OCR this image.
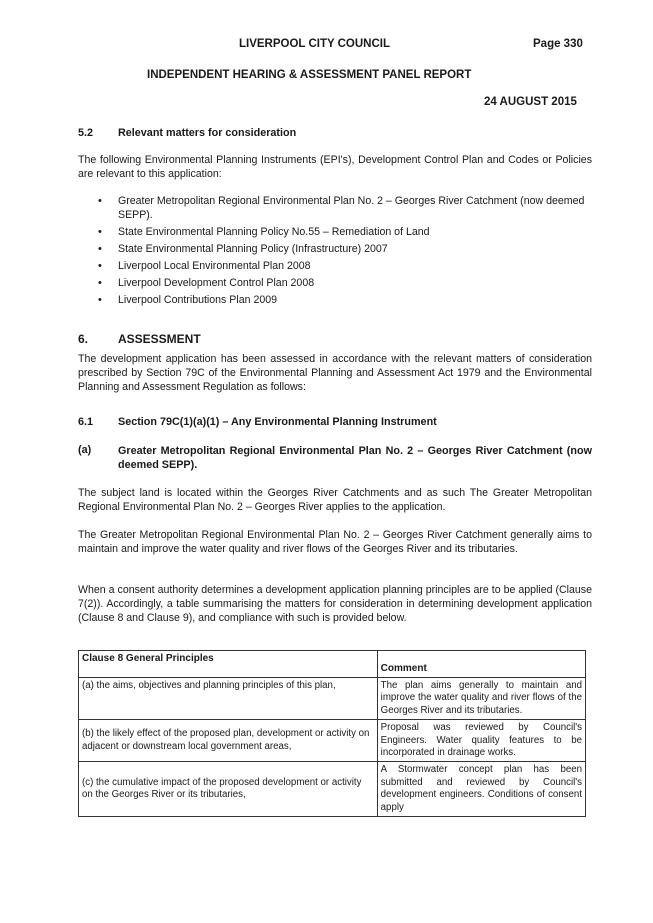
LIVERPOOL CITY COUNCIL	Page 330
INDEPENDENT HEARING & ASSESSMENT PANEL REPORT
24 AUGUST 2015
5.2 Relevant matters for consideration

The following Environmental Planning Instruments (EPI's), Development Control Plan and Codes or Policies are relevant to this application:

• Greater Metropolitan Regional Environmental Plan No. 2 – Georges River Catchment (now deemed SEPP).
• State Environmental Planning Policy No.55 – Remediation of Land
• State Environmental Planning Policy (Infrastructure) 2007
• Liverpool Local Environmental Plan 2008
• Liverpool Development Control Plan 2008
• Liverpool Contributions Plan 2009
6. ASSESSMENT

The development application has been assessed in accordance with the relevant matters of consideration prescribed by Section 79C of the Environmental Planning and Assessment Act 1979 and the Environmental Planning and Assessment Regulation as follows:

6.1 Section 79C(1)(a)(1) – Any Environmental Planning Instrument
(a) Greater Metropolitan Regional Environmental Plan No. 2 – Georges River Catchment (now deemed SEPP).

The subject land is located within the Georges River Catchments and as such The Greater Metropolitan Regional Environmental Plan No. 2 – Georges River applies to the application.

The Greater Metropolitan Regional Environmental Plan No. 2 – Georges River Catchment generally aims to maintain and improve the water quality and river flows of the Georges River and its tributaries.

When a consent authority determines a development application planning principles are to be applied (Clause 7(2)). Accordingly, a table summarising the matters for consideration in determining development application (Clause 8 and Clause 9), and compliance with such is provided below.

Clause 8 General Principles	Comment
(a) the aims, objectives and planning principles of this plan,	The plan aims generally to maintain and improve the water quality and river flows of the Georges River and its tributaries.
(b) the likely effect of the proposed plan, development or activity on adjacent or downstream local government areas,	Proposal was reviewed by Council's Engineers. Water quality features to be incorporated in drainage works.
(c) the cumulative impact of the proposed development or activity on the Georges River or its tributaries,	A Stormwater concept plan has been submitted and reviewed by Council's development engineers. Conditions of consent apply
